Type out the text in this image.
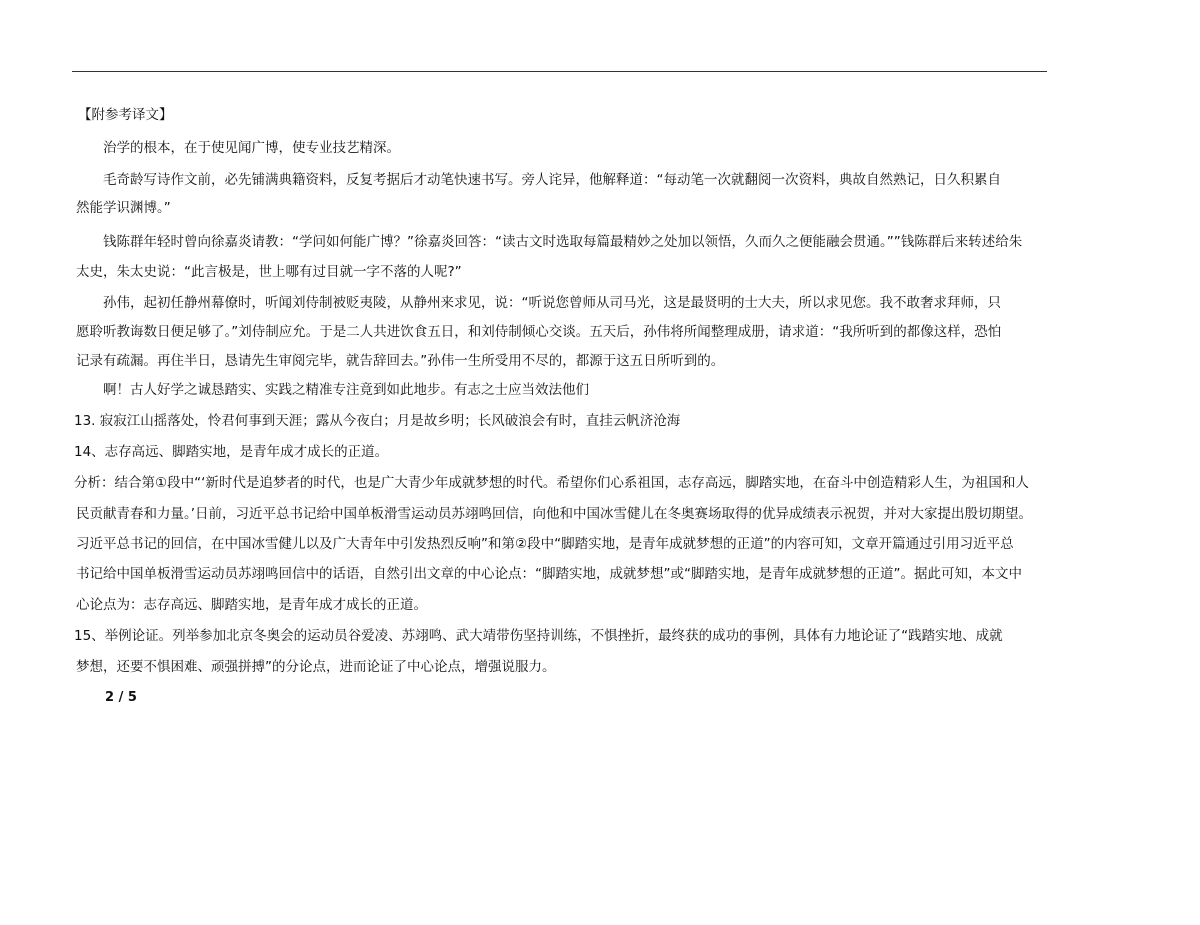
【附参考译文】
治学的根本，在于使见闻广博，使专业技艺精深。
毛奇龄写诗作文前，必先铺满典籍资料，反复考据后才动笔快速书写。旁人诧异，他解释道：“每动笔一次就翻阅一次资料，典故自然熟记，日久积累自
然能学识渊博。”
钱陈群年轻时曾向徐嘉炎请教：“学问如何能广博？”徐嘉炎回答：“读古文时选取每篇最精妙之处加以领悟，久而久之便能融会贯通。””钱陈群后来转述给朱
太史，朱太史说：“此言极是，世上哪有过目就一字不落的人呢?”
孙伟，起初任静州幕僚时，听闻刘侍制被贬夷陵，从静州来求见，说：“听说您曾师从司马光，这是最贤明的士大夫，所以求见您。我不敢奢求拜师，只
愿聆听教诲数日便足够了。”刘侍制应允。于是二人共进饮食五日，和刘侍制倾心交谈。五天后，孙伟将所闻整理成册，请求道：“我所听到的都像这样，恐怕
记录有疏漏。再住半日，恳请先生审阅完毕，就告辞回去。”孙伟一生所受用不尽的，都源于这五日所听到的。
啊！古人好学之诚恳踏实、实践之精准专注竟到如此地步。有志之士应当效法他们
13. 寂寂江山摇落处，怜君何事到天涯；露从今夜白；月是故乡明；长风破浪会有时，直挂云帆济沧海
14、志存高远、脚踏实地，是青年成才成长的正道。
分析：结合第①段中“‘新时代是追梦者的时代，也是广大青少年成就梦想的时代。希望你们心系祖国，志存高远，脚踏实地，在奋斗中创造精彩人生，为祖国和人
民贡献青春和力量。’日前，习近平总书记给中国单板滑雪运动员苏翊鸣回信，向他和中国冰雪健儿在冬奥赛场取得的优异成绩表示祝贺，并对大家提出殷切期望。
习近平总书记的回信，在中国冰雪健儿以及广大青年中引发热烈反响”和第②段中“脚踏实地，是青年成就梦想的正道”的内容可知，文章开篇通过引用习近平总
书记给中国单板滑雪运动员苏翊鸣回信中的话语，自然引出文章的中心论点：“脚踏实地，成就梦想”或“脚踏实地，是青年成就梦想的正道”。据此可知，本文中
心论点为：志存高远、脚踏实地，是青年成才成长的正道。
15、举例论证。列举参加北京冬奥会的运动员谷爱凌、苏翊鸣、武大靖带伤坚持训练，不惧挫折，最终获的成功的事例，具体有力地论证了“践踏实地、成就
梦想，还要不惧困难、顽强拼搏”的分论点，进而论证了中心论点，增强说服力。
2 / 5
